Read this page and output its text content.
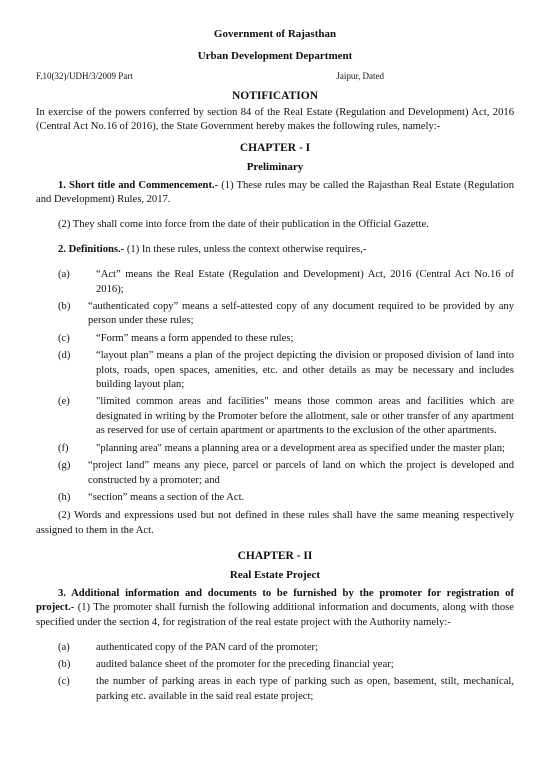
Government of Rajasthan
Urban Development Department
F.10(32)/UDH/3/2009 Part	Jaipur, Dated
NOTIFICATION

In exercise of the powers conferred by section 84 of the Real Estate (Regulation and Development) Act, 2016 (Central Act No.16 of 2016), the State Government hereby makes the following rules, namely:-

CHAPTER - I
Preliminary

1. Short title and Commencement.- (1) These rules may be called the Rajasthan Real Estate (Regulation and Development) Rules, 2017.

(2) They shall come into force from the date of their publication in the Official Gazette.

2. Definitions.- (1) In these rules, unless the context otherwise requires,-

(a)	“Act” means the Real Estate (Regulation and Development) Act, 2016 (Central Act No.16 of 2016);
(b)	“authenticated copy” means a self-attested copy of any document required to be provided by any person under these rules;
(c)	“Form” means a form appended to these rules;
(d)	“layout plan” means a plan of the project depicting the division or proposed division of land into plots, roads, open spaces, amenities, etc. and other details as may be necessary and includes building layout plan;
(e)	"limited common areas and facilities" means those common areas and facilities which are designated in writing by the Promoter before the allotment, sale or other transfer of any apartment as reserved for use of certain apartment or apartments to the exclusion of the other apartments.
(f)	"planning area" means a planning area or a development area as specified under the master plan;
(g)	“project land” means any piece, parcel or parcels of land on which the project is developed and constructed by a promoter; and
(h)	“section” means a section of the Act.

(2) Words and expressions used but not defined in these rules shall have the same meaning respectively assigned to them in the Act.

CHAPTER - II
Real Estate Project

3. Additional information and documents to be furnished by the promoter for registration of project.- (1) The promoter shall furnish the following additional information and documents, along with those specified under the section 4, for registration of the real estate project with the Authority namely:-

(a)	authenticated copy of the PAN card of the promoter;
(b)	audited balance sheet of the promoter for the preceding financial year;
(c)	the number of parking areas in each type of parking such as open, basement, stilt, mechanical, parking etc. available in the said real estate project;
